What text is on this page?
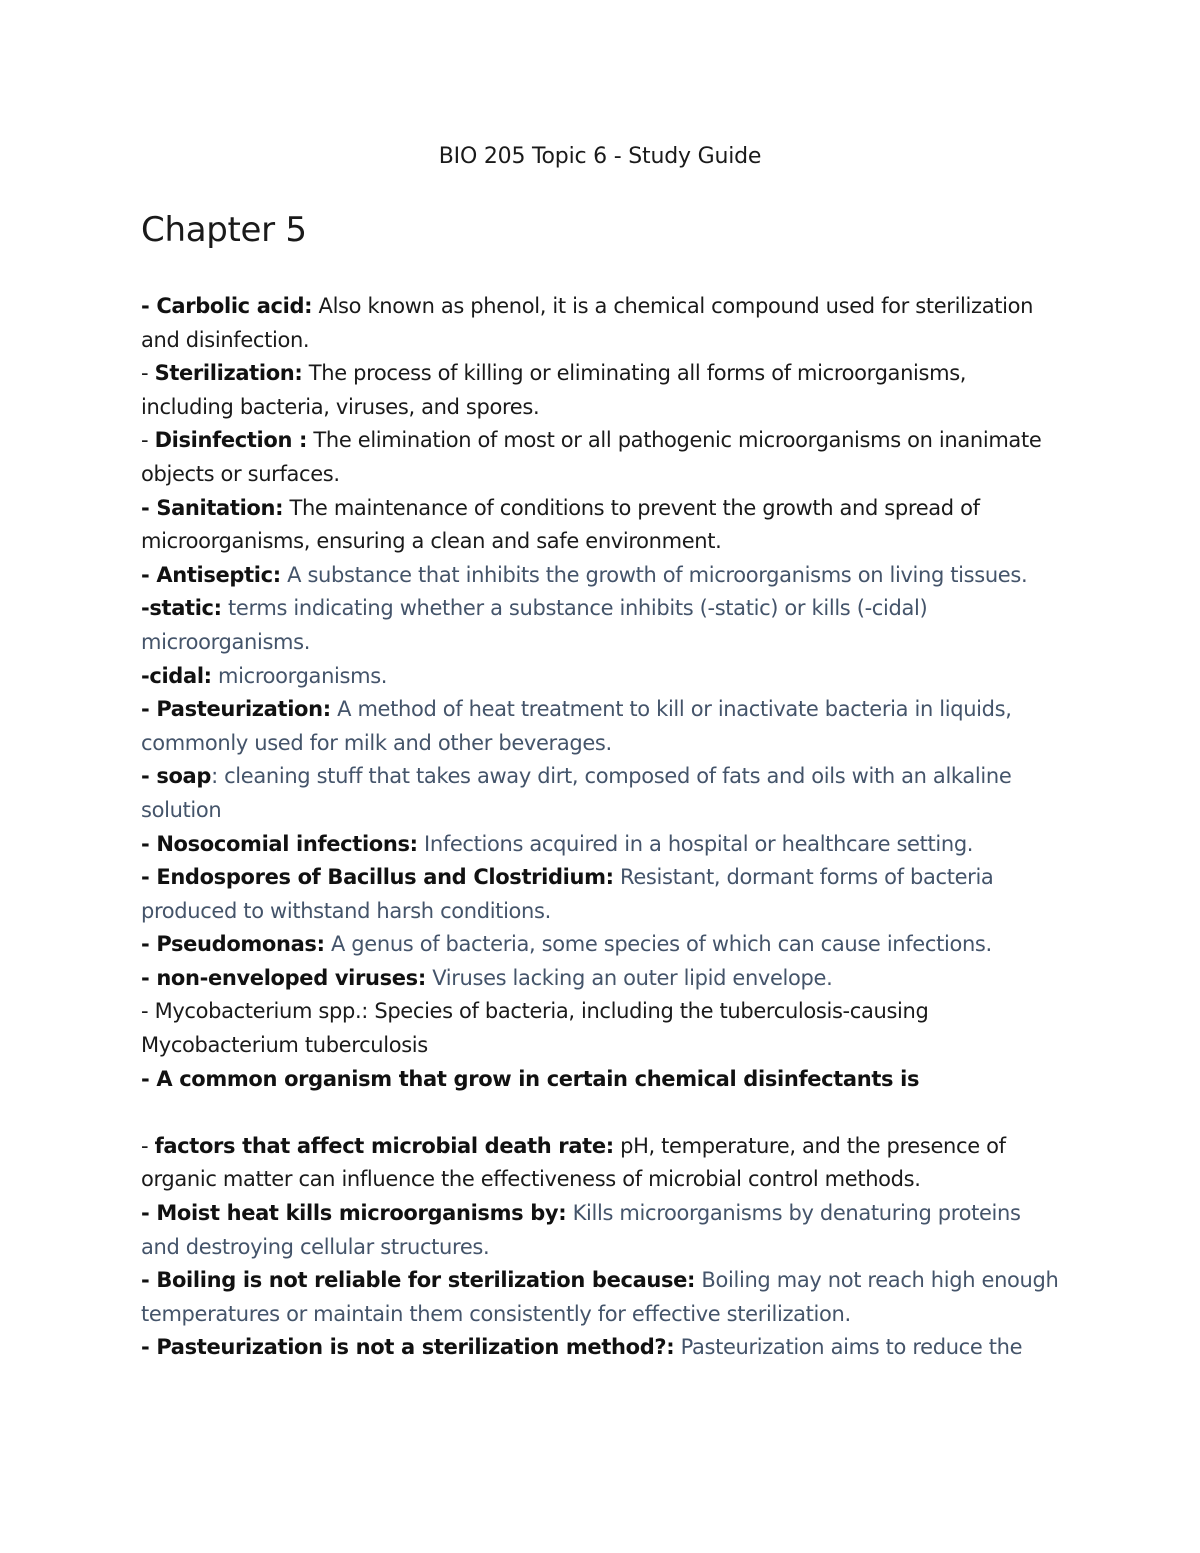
BIO 205 Topic 6 - Study Guide
Chapter 5

- Carbolic acid: Also known as phenol, it is a chemical compound used for sterilization and disinfection.

- Sterilization: The process of killing or eliminating all forms of microorganisms, including bacteria, viruses, and spores.

- Disinfection : The elimination of most or all pathogenic microorganisms on inanimate objects or surfaces.

- Sanitation: The maintenance of conditions to prevent the growth and spread of microorganisms, ensuring a clean and safe environment.

- Antiseptic: A substance that inhibits the growth of microorganisms on living tissues.

-static: terms indicating whether a substance inhibits (-static) or kills (-cidal) microorganisms.

-cidal: microorganisms.

- Pasteurization: A method of heat treatment to kill or inactivate bacteria in liquids, commonly used for milk and other beverages.

- soap: cleaning stuff that takes away dirt, composed of fats and oils with an alkaline solution

- Nosocomial infections: Infections acquired in a hospital or healthcare setting.

- Endospores of Bacillus and Clostridium: Resistant, dormant forms of bacteria produced to withstand harsh conditions.

- Pseudomonas: A genus of bacteria, some species of which can cause infections.

- non-enveloped viruses: Viruses lacking an outer lipid envelope.

- Mycobacterium spp.: Species of bacteria, including the tuberculosis-causing Mycobacterium tuberculosis

- A common organism that grow in certain chemical disinfectants is

- factors that affect microbial death rate: pH, temperature, and the presence of organic matter can influence the effectiveness of microbial control methods.

- Moist heat kills microorganisms by: Kills microorganisms by denaturing proteins and destroying cellular structures.

- Boiling is not reliable for sterilization because: Boiling may not reach high enough temperatures or maintain them consistently for effective sterilization.

- Pasteurization is not a sterilization method?: Pasteurization aims to reduce the
